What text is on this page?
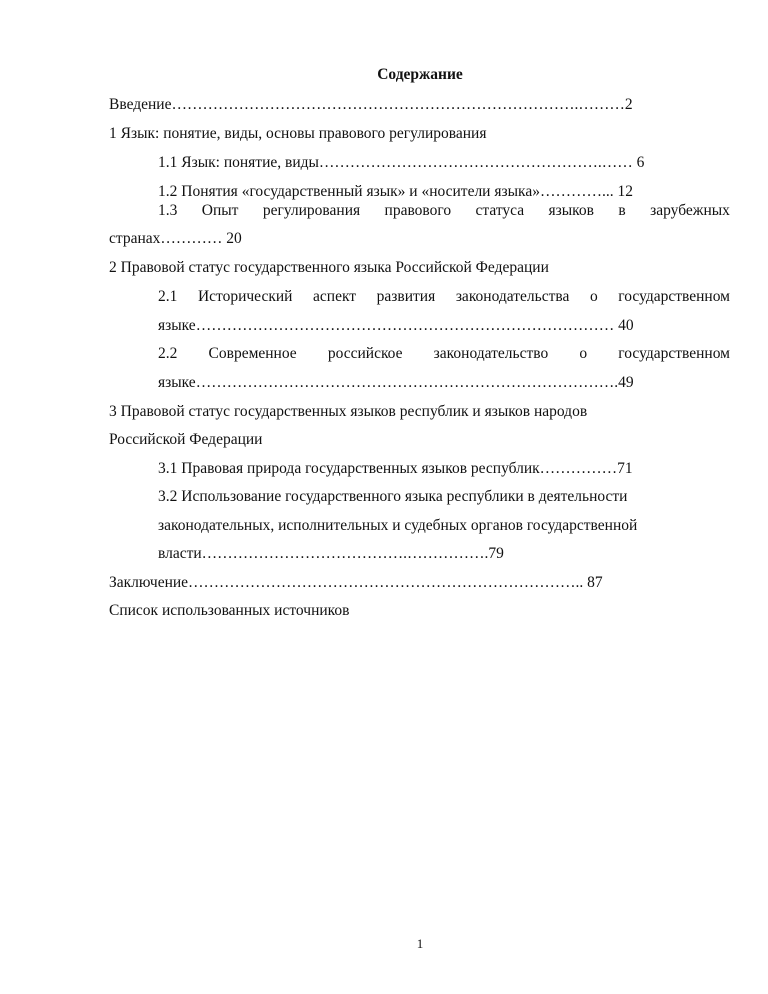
Содержание
Введение…………………………………………………………………….………2
1 Язык: понятие, виды, основы правового регулирования
1.1 Язык: понятие, виды……………………………………………….…… 6
1.2 Понятия «государственный язык» и «носители языка»…………... 12
1.3 Опыт регулирования правового статуса языков в зарубежных
странах………… 20
2 Правовой статус государственного языка Российской Федерации
2.1 Исторический аспект развития законодательства о государственном
языке……………………………………………………………………… 40
2.2 Современное российское законодательство о государственном
языке……………………………………………………………………….49
3 Правовой статус государственных языков республик и языков народов
Российской Федерации
3.1 Правовая природа государственных языков республик……………71
3.2 Использование государственного языка республики в деятельности
законодательных, исполнительных и судебных органов государственной
власти………………………………….…………….79
Заключение………………………………………………………………….. 87
Список использованных источников
1
